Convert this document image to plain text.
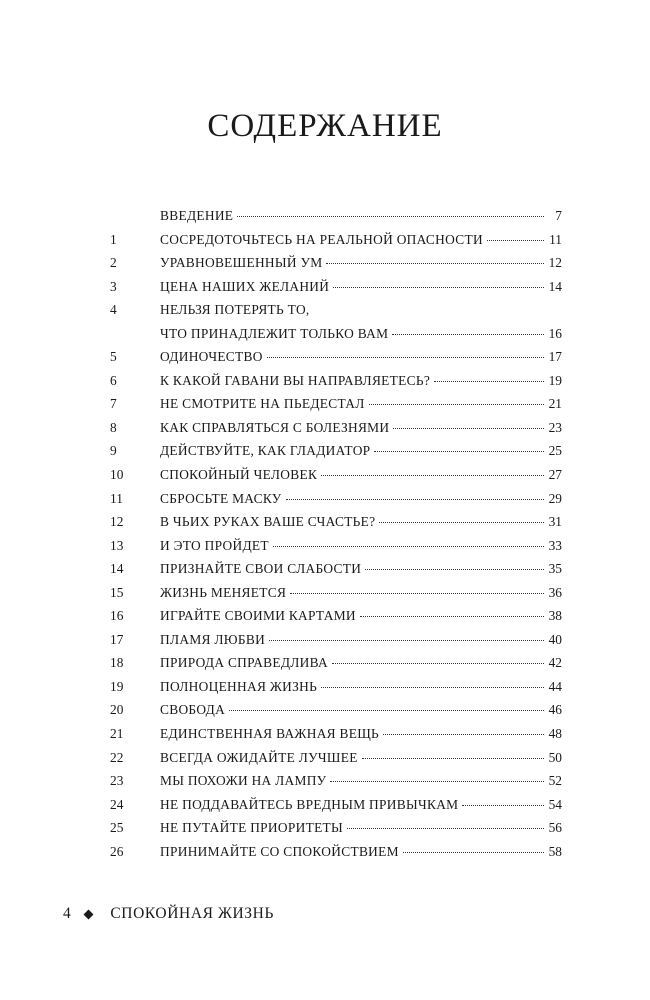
СОДЕРЖАНИЕ
ВВЕДЕНИЕ	7
1	СОСРЕДОТОЧЬТЕСЬ НА РЕАЛЬНОЙ ОПАСНОСТИ	11
2	УРАВНОВЕШЕННЫЙ УМ	12
3	ЦЕНА НАШИХ ЖЕЛАНИЙ	14
4	НЕЛЬЗЯ ПОТЕРЯТЬ ТО,
ЧТО ПРИНАДЛЕЖИТ ТОЛЬКО ВАМ	16
5	ОДИНОЧЕСТВО	17
6	К КАКОЙ ГАВАНИ ВЫ НАПРАВЛЯЕТЕСЬ?	19
7	НЕ СМОТРИТЕ НА ПЬЕДЕСТАЛ	21
8	КАК СПРАВЛЯТЬСЯ С БОЛЕЗНЯМИ	23
9	ДЕЙСТВУЙТЕ, КАК ГЛАДИАТОР	25
10	СПОКОЙНЫЙ ЧЕЛОВЕК	27
11	СБРОСЬТЕ МАСКУ	29
12	В ЧЬИХ РУКАХ ВАШЕ СЧАСТЬЕ?	31
13	И ЭТО ПРОЙДЕТ	33
14	ПРИЗНАЙТЕ СВОИ СЛАБОСТИ	35
15	ЖИЗНЬ МЕНЯЕТСЯ	36
16	ИГРАЙТЕ СВОИМИ КАРТАМИ	38
17	ПЛАМЯ ЛЮБВИ	40
18	ПРИРОДА СПРАВЕДЛИВА	42
19	ПОЛНОЦЕННАЯ ЖИЗНЬ	44
20	СВОБОДА	46
21	ЕДИНСТВЕННАЯ ВАЖНАЯ ВЕЩЬ	48
22	ВСЕГДА ОЖИДАЙТЕ ЛУЧШЕЕ	50
23	МЫ ПОХОЖИ НА ЛАМПУ	52
24	НЕ ПОДДАВАЙТЕСЬ ВРЕДНЫМ ПРИВЫЧКАМ	54
25	НЕ ПУТАЙТЕ ПРИОРИТЕТЫ	56
26	ПРИНИМАЙТЕ СО СПОКОЙСТВИЕМ	58
4	СПОКОЙНАЯ ЖИЗНЬ
